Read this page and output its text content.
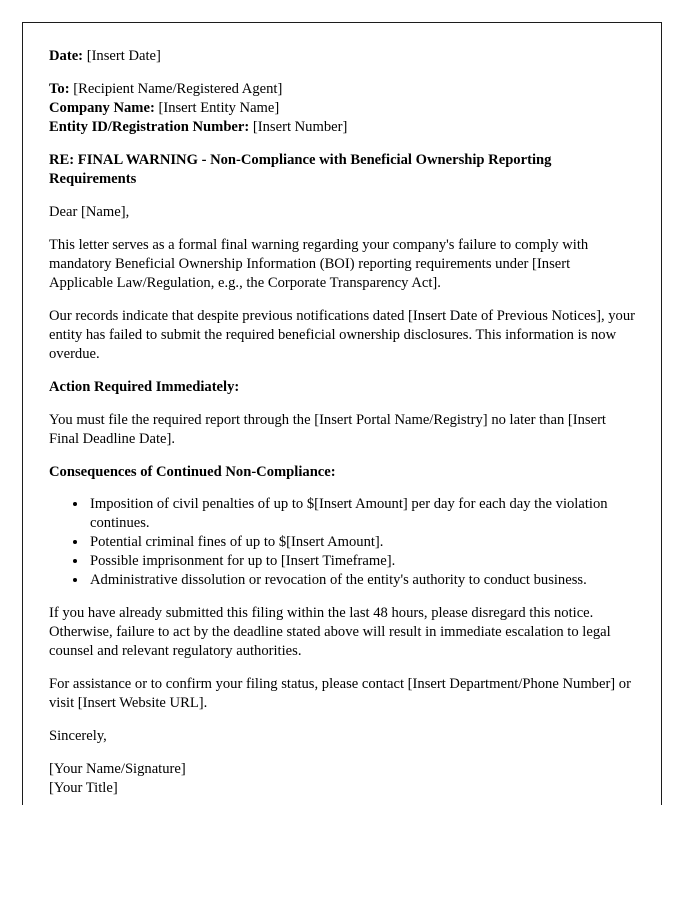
Date: [Insert Date]

To: [Recipient Name/Registered Agent]

Company Name: [Insert Entity Name]

Entity ID/Registration Number: [Insert Number]

RE: FINAL WARNING - Non-Compliance with Beneficial Ownership Reporting Requirements

Dear [Name],

This letter serves as a formal final warning regarding your company's failure to comply with mandatory Beneficial Ownership Information (BOI) reporting requirements under [Insert Applicable Law/Regulation, e.g., the Corporate Transparency Act].

Our records indicate that despite previous notifications dated [Insert Date of Previous Notices], your entity has failed to submit the required beneficial ownership disclosures. This information is now overdue.

Action Required Immediately:

You must file the required report through the [Insert Portal Name/Registry] no later than [Insert Final Deadline Date].

Consequences of Continued Non-Compliance:

• Imposition of civil penalties of up to $[Insert Amount] per day for each day the violation continues.
• Potential criminal fines of up to $[Insert Amount].
• Possible imprisonment for up to [Insert Timeframe].
• Administrative dissolution or revocation of the entity's authority to conduct business.

If you have already submitted this filing within the last 48 hours, please disregard this notice. Otherwise, failure to act by the deadline stated above will result in immediate escalation to legal counsel and relevant regulatory authorities.

For assistance or to confirm your filing status, please contact [Insert Department/Phone Number] or visit [Insert Website URL].

Sincerely,

[Your Name/Signature]

[Your Title]
